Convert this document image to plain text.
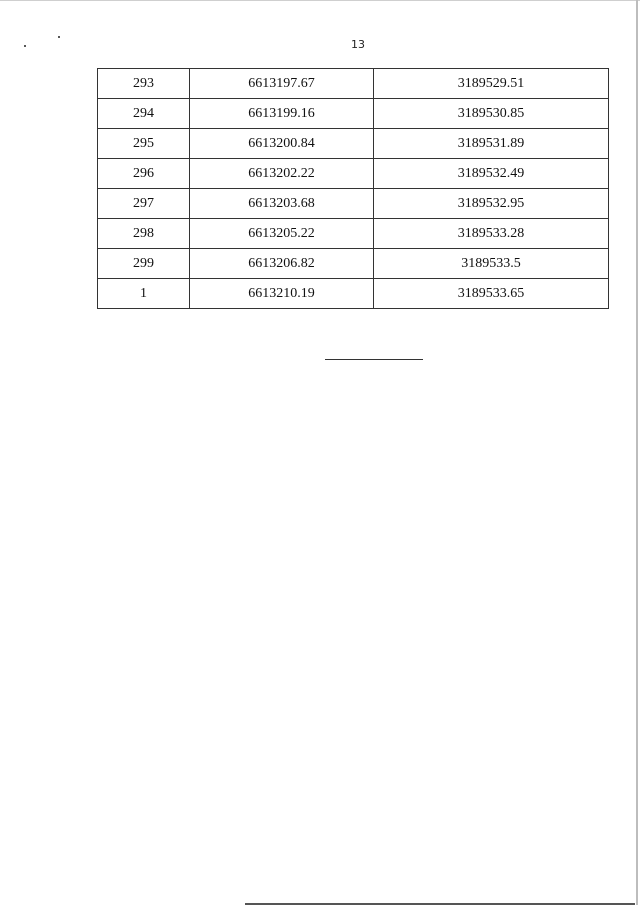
13
293	6613197.67	3189529.51
294	6613199.16	3189530.85
295	6613200.84	3189531.89
296	6613202.22	3189532.49
297	6613203.68	3189532.95
298	6613205.22	3189533.28
299	6613206.82	3189533.5
1	6613210.19	3189533.65
